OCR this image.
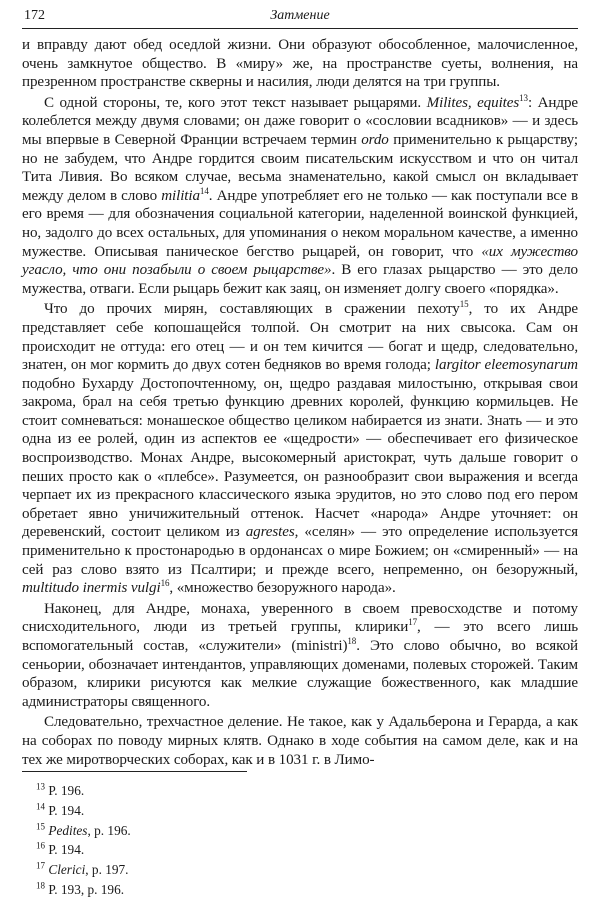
172	Затмение

и вправду дают обед оседлой жизни. Они образуют обособленное, малочисленное, очень замкнутое общество. В «миру» же, на пространстве суеты, волнения, на презренном пространстве скверны и насилия, люди делятся на три группы.

С одной стороны, те, кого этот текст называет рыцарями. Milites, equites$^{13}$: Андре колеблется между двумя словами; он даже говорит о «сословии всадников» — и здесь мы впервые в Северной Франции встречаем термин ordo применительно к рыцарству; но не забудем, что Андре гордится своим писательским искусством и что он читал Тита Ливия. Во всяком случае, весьма знаменательно, какой смысл он вкладывает между делом в слово militia$^{14}$. Андре употребляет его не только — как поступали все в его время — для обозначения социальной категории, наделенной воинской функцией, но, задолго до всех остальных, для упоминания о неком моральном качестве, а именно мужестве. Описывая паническое бегство рыцарей, он говорит, что «их мужество угасло, что они позабыли о своем рыцарстве». В его глазах рыцарство — это дело мужества, отваги. Если рыцарь бежит как заяц, он изменяет долгу своего «порядка».

Что до прочих мирян, составляющих в сражении пехоту$^{15}$, то их Андре представляет себе копошащейся толпой. Он смотрит на них свысока. Сам он происходит не оттуда: его отец — и он тем кичится — богат и щедр, следовательно, знатен, он мог кормить до двух сотен бедняков во время голода; largitor eleemosynarum подобно Бухарду Достопочтенному, он, щедро раздавая милостыню, открывая свои закрома, брал на себя третью функцию древних королей, функцию кормильцев. Не стоит сомневаться: монашеское общество целиком набирается из знати. Знать — и это одна из ее ролей, один из аспектов ее «щедрости» — обеспечивает его физическое воспроизводство. Монах Андре, высокомерный аристократ, чуть дальше говорит о пеших просто как о «плебсе». Разумеется, он разнообразит свои выражения и всегда черпает их из прекрасного классического языка эрудитов, но это слово под его пером обретает явно уничижительный оттенок. Насчет «народа» Андре уточняет: он деревенский, состоит целиком из agrestes, «селян» — это определение используется применительно к простонародью в ордонансах о мире Божием; он «смиренный» — на сей раз слово взято из Псалтири; и прежде всего, непременно, он безоружный, multitudo inermis vulgi$^{16}$, «множество безоружного народа».

Наконец, для Андре, монаха, уверенного в своем превосходстве и потому снисходительного, люди из третьей группы, клирики$^{17}$, — это всего лишь вспомогательный состав, «служители» (ministri)$^{18}$. Это слово обычно, во всякой сеньории, обозначает интендантов, управляющих доменами, полевых сторожей. Таким образом, клирики рисуются как мелкие служащие божественного, как младшие администраторы священного.

Следовательно, трехчастное деление. Не такое, как у Адальберона и Герарда, а как на соборах по поводу мирных клятв. Однако в ходе события на самом деле, как и на тех же миротворческих соборах, как и в 1031 г. в Лимо-

$^{13}$ P. 196.
$^{14}$ P. 194.
$^{15}$ Pedites, p. 196.
$^{16}$ P. 194.
$^{17}$ Clerici, p. 197.
$^{18}$ P. 193, p. 196.
